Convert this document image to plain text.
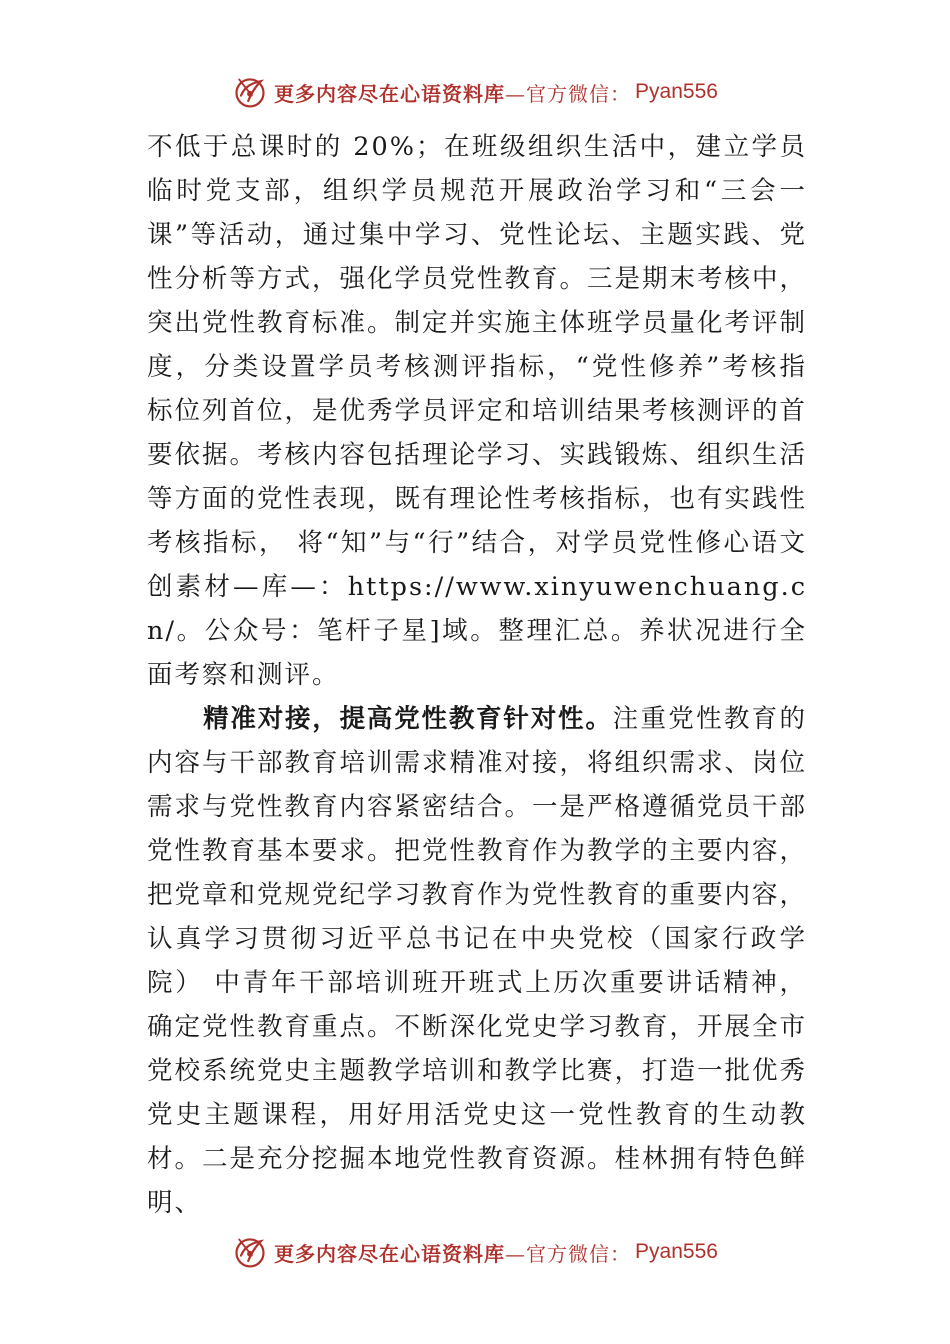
更多内容尽在心语资料库 —官方微信： Pyan556

不低于总课时的 20%；在班级组织生活中，建立学员临时党支部，组织学员规范开展政治学习和“三会一课”等活动，通过集中学习、党性论坛、主题实践、党性分析等方式，强化学员党性教育。三是期末考核中，突出党性教育标准。制定并实施主体班学员量化考评制度，分类设置学员考核测评指标，“党性修养”考核指标位列首位，是优秀学员评定和培训结果考核测评的首要依据。考核内容包括理论学习、实践锻炼、组织生活等方面的党性表现，既有理论性考核指标，也有实践性考核指标， 将“知”与“行”结合，对学员党性修心语文创素材—库—：https://www.xinyuwenchuang.cn/。公众号：笔杆子星]域。整理汇总。养状况进行全面考察和测评。

精准对接，提高党性教育针对性。注重党性教育的内容与干部教育培训需求精准对接，将组织需求、岗位需求与党性教育内容紧密结合。一是严格遵循党员干部党性教育基本要求。把党性教育作为教学的主要内容，把党章和党规党纪学习教育作为党性教育的重要内容，认真学习贯彻习近平总书记在中央党校（国家行政学院） 中青年干部培训班开班式上历次重要讲话精神，确定党性教育重点。不断深化党史学习教育，开展全市党校系统党史主题教学培训和教学比赛，打造一批优秀党史主题课程，用好用活党史这一党性教育的生动教材。二是充分挖掘本地党性教育资源。桂林拥有特色鲜明、

更多内容尽在心语资料库 —官方微信： Pyan556
